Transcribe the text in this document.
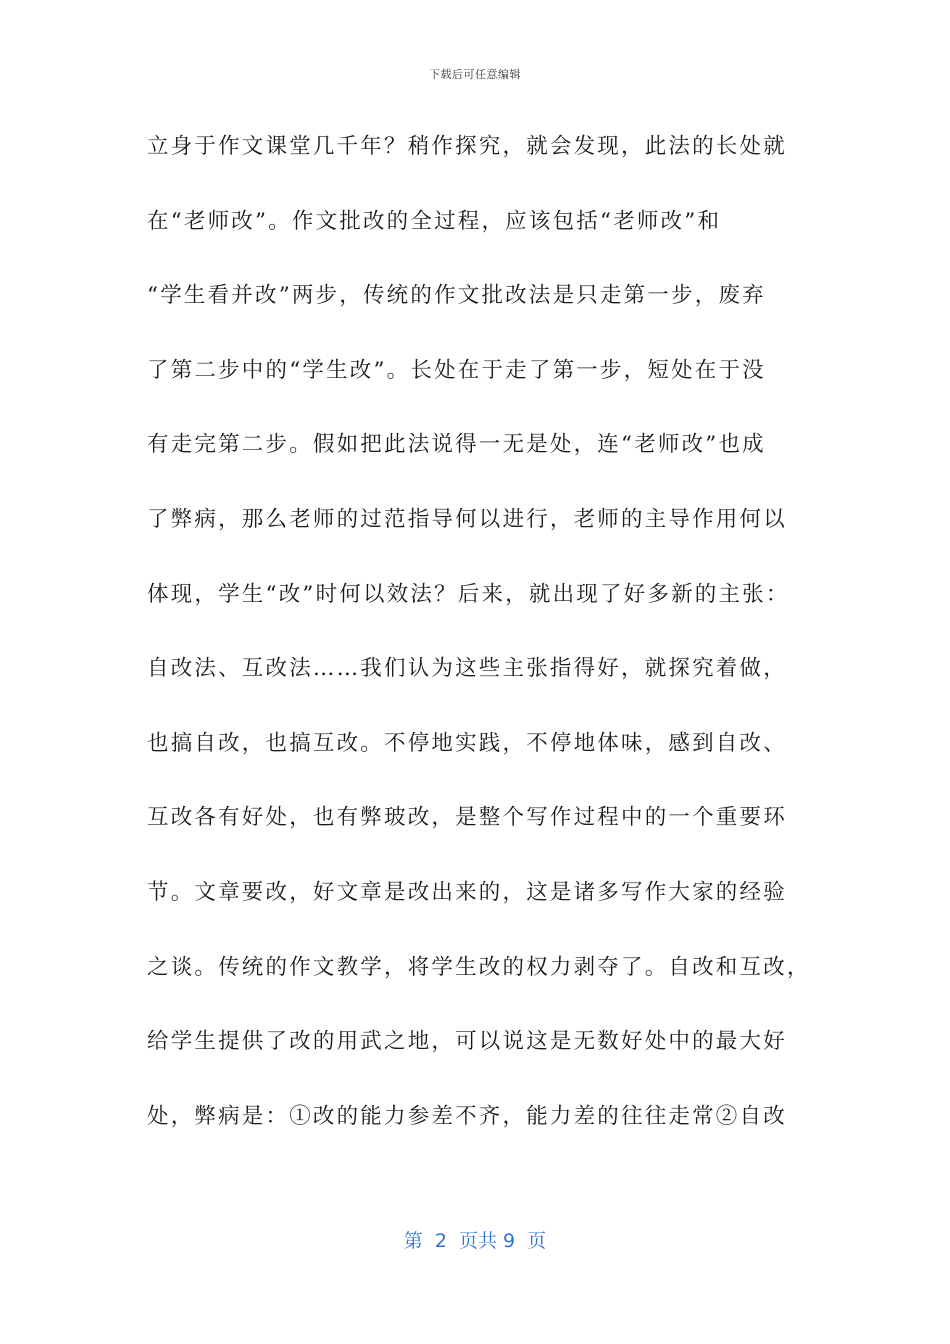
下载后可任意编辑
立身于作文课堂几千年？稍作探究，就会发现，此法的长处就
在“老师改”。作文批改的全过程，应该包括“老师改”和
“学生看并改”两步，传统的作文批改法是只走第一步，废弃
了第二步中的“学生改”。长处在于走了第一步，短处在于没
有走完第二步。假如把此法说得一无是处，连“老师改”也成
了弊病，那么老师的过范指导何以进行，老师的主导作用何以
体现，学生“改”时何以效法？后来，就出现了好多新的主张：
自改法、互改法……我们认为这些主张指得好，就探究着做，
也搞自改，也搞互改。不停地实践，不停地体味，感到自改、
互改各有好处，也有弊玻改，是整个写作过程中的一个重要环
节。文章要改，好文章是改出来的，这是诸多写作大家的经验
之谈。传统的作文教学，将学生改的权力剥夺了。自改和互改，
给学生提供了改的用武之地，可以说这是无数好处中的最大好
处，弊病是：①改的能力参差不齐，能力差的往往走常②自改
第  2  页共 9  页
